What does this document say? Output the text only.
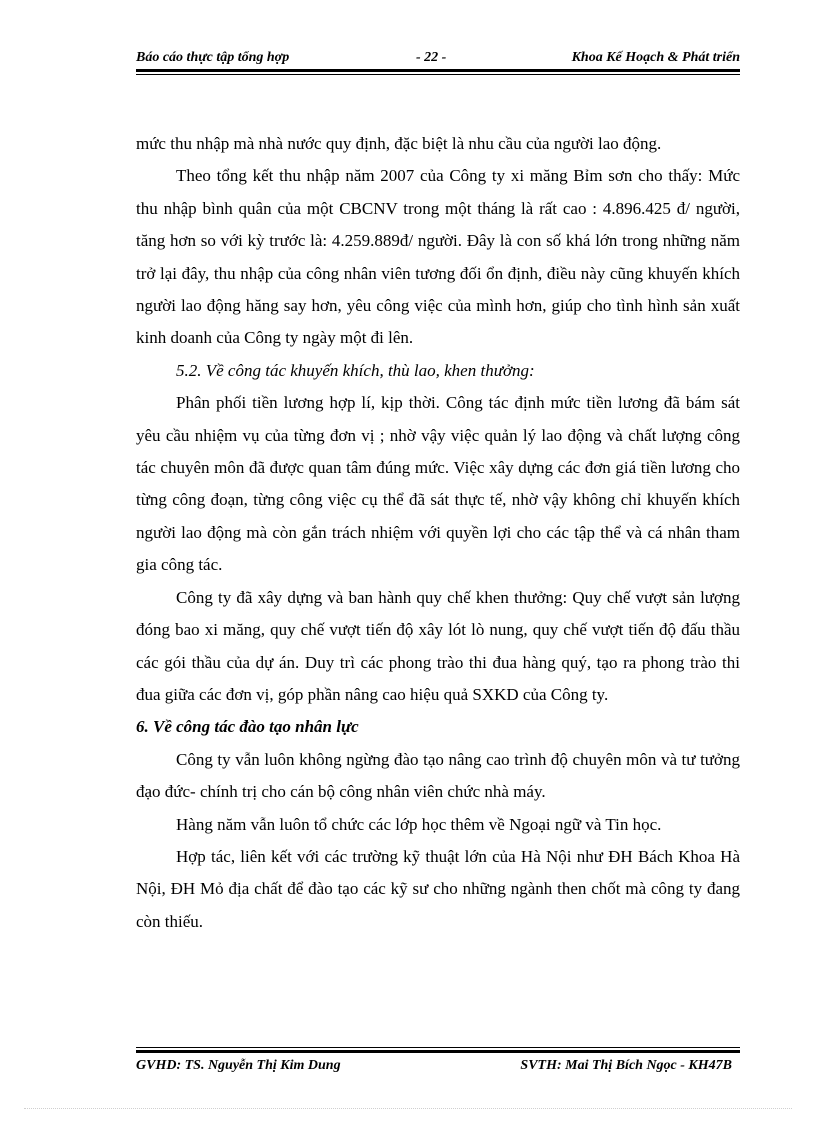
Báo cáo thực tập tổng hợp	- 22 -	Khoa Kế Hoạch & Phát triển

mức thu nhập mà nhà nước quy định, đặc biệt là nhu cầu của người lao động.

Theo tổng kết thu nhập năm 2007 của Công ty xi măng Bỉm sơn cho thấy: Mức thu nhập bình quân của một CBCNV trong một tháng là rất cao : 4.896.425 đ/ người, tăng hơn so với kỳ trước là: 4.259.889đ/ người. Đây là con số khá lớn trong những năm trở lại đây, thu nhập của công nhân viên tương đối ổn định, điều này cũng khuyến khích người lao động hăng say hơn, yêu công việc của mình hơn, giúp cho tình hình sản xuất kinh doanh của Công ty ngày một đi lên.

5.2. Về công tác khuyến khích, thù lao, khen thưởng:

Phân phối tiền lương hợp lí, kịp thời. Công tác định mức tiền lương đã bám sát yêu cầu nhiệm vụ của từng đơn vị ; nhờ vậy việc quản lý lao động và chất lượng công tác chuyên môn đã được quan tâm đúng mức. Việc xây dựng các đơn giá tiền lương cho từng công đoạn, từng công việc cụ thể đã sát thực tế, nhờ vậy không chỉ khuyến khích người lao động mà còn gắn trách nhiệm với quyền lợi cho các tập thể và cá nhân tham gia công tác.

Công ty đã xây dựng và ban hành quy chế khen thưởng: Quy chế vượt sản lượng đóng bao xi măng, quy chế vượt tiến độ xây lót lò nung, quy chế vượt tiến độ đấu thầu các gói thầu của dự án. Duy trì các phong trào thi đua hàng quý, tạo ra phong trào thi đua giữa các đơn vị, góp phần nâng cao hiệu quả SXKD của Công ty.

6. Về công tác đào tạo nhân lực

Công ty vẫn luôn không ngừng đào tạo nâng cao trình độ chuyên môn và tư tưởng đạo đức- chính trị cho cán bộ công nhân viên chức nhà máy.

Hàng năm vẫn luôn tổ chức các lớp học thêm về Ngoại ngữ và Tin học.

Hợp tác, liên kết với các trường kỹ thuật lớn của Hà Nội như ĐH Bách Khoa Hà Nội, ĐH Mỏ địa chất để đào tạo các kỹ sư cho những ngành then chốt mà công ty đang còn thiếu.

GVHD: TS. Nguyễn Thị Kim Dung	SVTH: Mai Thị Bích Ngọc - KH47B
